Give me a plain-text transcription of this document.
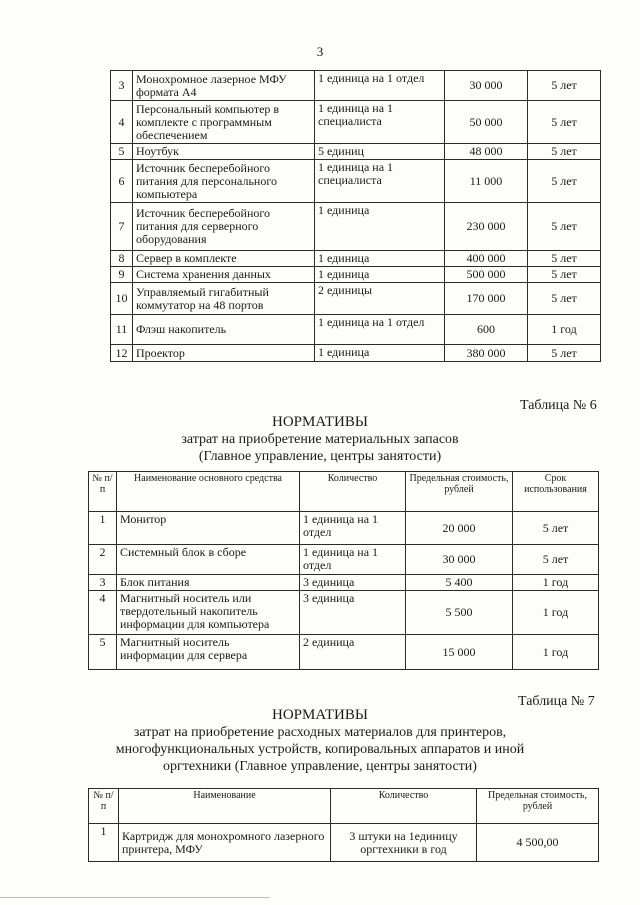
3
3	Монохромное лазерное МФУ формата А4	1 единица на 1 отдел	30 000	5 лет
4	Персональный компьютер в комплекте с программным обеспечением	1 единица на 1 специалиста	50 000	5 лет
5	Ноутбук	5 единиц	48 000	5 лет
6	Источник бесперебойного питания для персонального компьютера	1 единица на 1 специалиста	11 000	5 лет
7	Источник бесперебойного питания для серверного оборудования	1 единица	230 000	5 лет
8	Сервер в комплекте	1 единица	400 000	5 лет
9	Система хранения данных	1 единица	500 000	5 лет
10	Управляемый гигабитный коммутатор на 48 портов	2 единицы	170 000	5 лет
11	Флэш накопитель	1 единица на 1 отдел	600	1 год
12	Проектор	1 единица	380 000	5 лет
Таблица № 6
НОРМАТИВЫ
затрат на приобретение материальных запасов
(Главное управление, центры занятости)
№ п/п	Наименование основного средства	Количество	Предельная стоимость, рублей	Срок использования
1	Монитор	1 единица на 1 отдел	20 000	5 лет
2	Системный блок в сборе	1 единица на 1 отдел	30 000	5 лет
3	Блок питания	3 единица	5 400	1 год
4	Магнитный носитель или твердотельный накопитель информации для компьютера	3 единица	5 500	1 год
5	Магнитный носитель информации для сервера	2 единица	15 000	1 год
Таблица № 7
НОРМАТИВЫ
затрат на приобретение расходных материалов для принтеров,
многофункциональных устройств, копировальных аппаратов и иной
оргтехники (Главное управление, центры занятости)
№ п/п	Наименование	Количество	Предельная стоимость, рублей
1	Картридж для монохромного лазерного принтера, МФУ	3 штуки на 1единицу оргтехники в год	4 500,00
